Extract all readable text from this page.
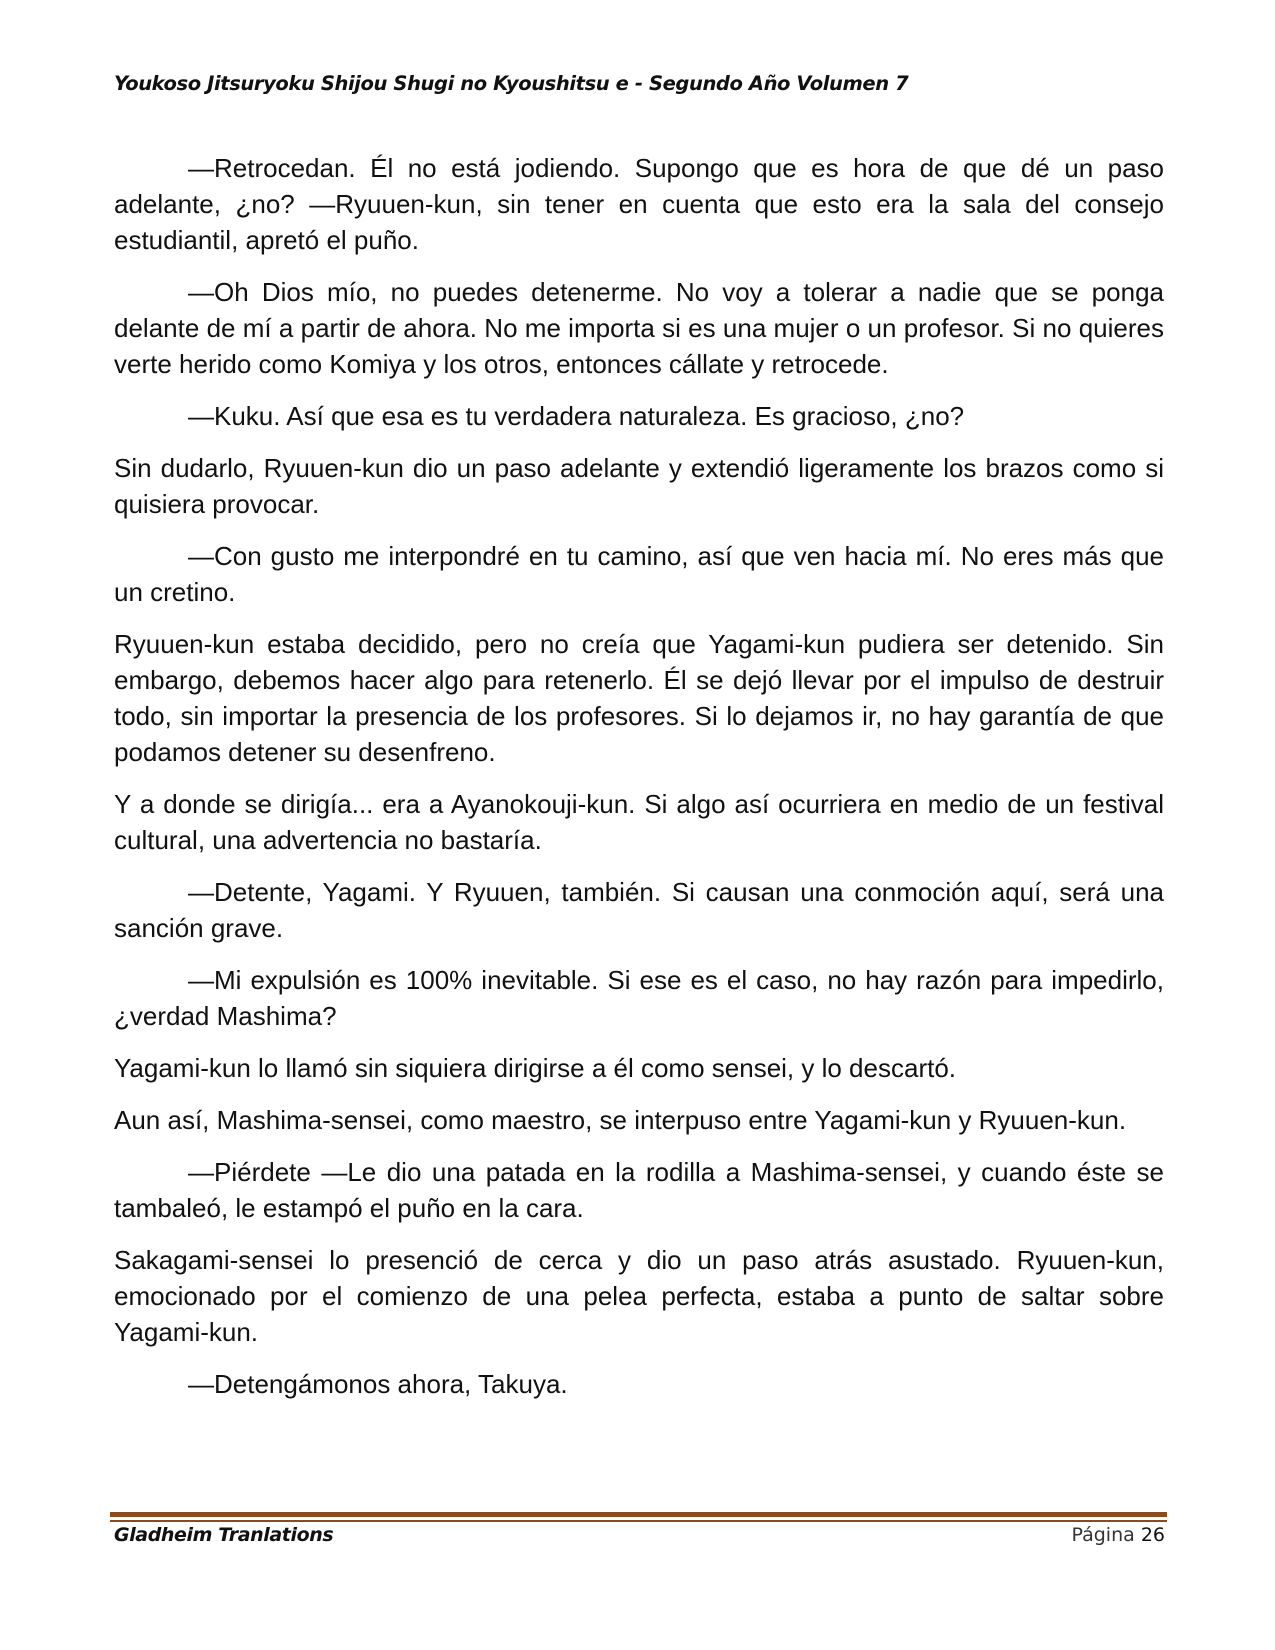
Youkoso Jitsuryoku Shijou Shugi no Kyoushitsu e - Segundo Año Volumen 7

—Retrocedan. Él no está jodiendo. Supongo que es hora de que dé un paso adelante, ¿no? —Ryuuen-kun, sin tener en cuenta que esto era la sala del consejo estudiantil, apretó el puño.

—Oh Dios mío, no puedes detenerme. No voy a tolerar a nadie que se ponga delante de mí a partir de ahora. No me importa si es una mujer o un profesor. Si no quieres verte herido como Komiya y los otros, entonces cállate y retrocede.

—Kuku. Así que esa es tu verdadera naturaleza. Es gracioso, ¿no?

Sin dudarlo, Ryuuen-kun dio un paso adelante y extendió ligeramente los brazos como si quisiera provocar.

—Con gusto me interpondré en tu camino, así que ven hacia mí. No eres más que un cretino.

Ryuuen-kun estaba decidido, pero no creía que Yagami-kun pudiera ser detenido. Sin embargo, debemos hacer algo para retenerlo. Él se dejó llevar por el impulso de destruir todo, sin importar la presencia de los profesores. Si lo dejamos ir, no hay garantía de que podamos detener su desenfreno.

Y a donde se dirigía... era a Ayanokouji-kun. Si algo así ocurriera en medio de un festival cultural, una advertencia no bastaría.

—Detente, Yagami. Y Ryuuen, también. Si causan una conmoción aquí, será una sanción grave.

—Mi expulsión es 100% inevitable. Si ese es el caso, no hay razón para impedirlo, ¿verdad Mashima?

Yagami-kun lo llamó sin siquiera dirigirse a él como sensei, y lo descartó.

Aun así, Mashima-sensei, como maestro, se interpuso entre Yagami-kun y Ryuuen-kun.

—Piérdete —Le dio una patada en la rodilla a Mashima-sensei, y cuando éste se tambaleó, le estampó el puño en la cara.

Sakagami-sensei lo presenció de cerca y dio un paso atrás asustado. Ryuuen-kun, emocionado por el comienzo de una pelea perfecta, estaba a punto de saltar sobre Yagami-kun.

—Detengámonos ahora, Takuya.

Gladheim Tranlations	Página 26
